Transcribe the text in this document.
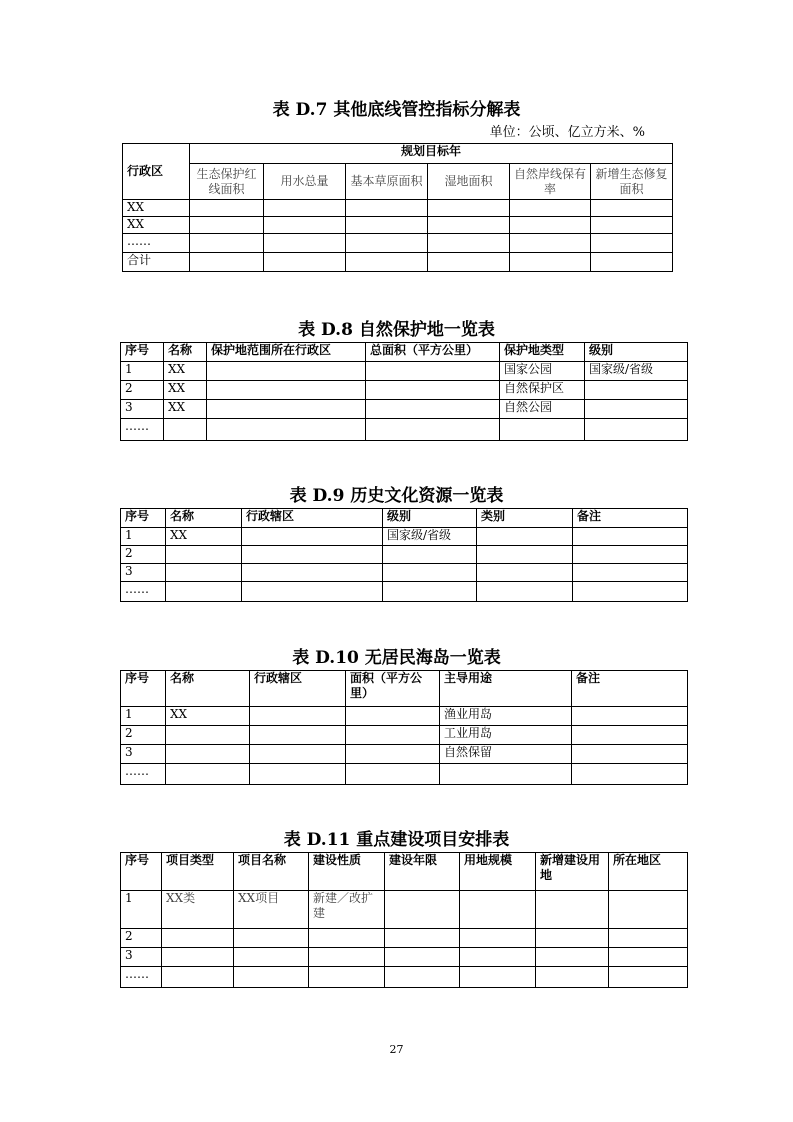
表 D.7 其他底线管控指标分解表
单位：公顷、亿立方米、%
行政区	规划目标年					
	生态保护红线面积	用水总量	基本草原面积	湿地面积	自然岸线保有率	新增生态修复面积
XX						
XX						
……						
合计						
表 D.8 自然保护地一览表
序号	名称	保护地范围所在行政区	总面积（平方公里）	保护地类型	级别
1	XX			国家公园	国家级/省级
2	XX			自然保护区	
3	XX			自然公园	
……					
表 D.9 历史文化资源一览表
序号	名称	行政辖区	级别	类别	备注
1	XX		国家级/省级		
2					
3					
……					
表 D.10 无居民海岛一览表
序号	名称	行政辖区	面积（平方公里）	主导用途	备注
1	XX			渔业用岛	
2				工业用岛	
3				自然保留	
……					
表 D.11 重点建设项目安排表
序号	项目类型	项目名称	建设性质	建设年限	用地规模	新增建设用地	所在地区
1	XX类	XX项目	新建／改扩建				
2							
3							
……							
27
